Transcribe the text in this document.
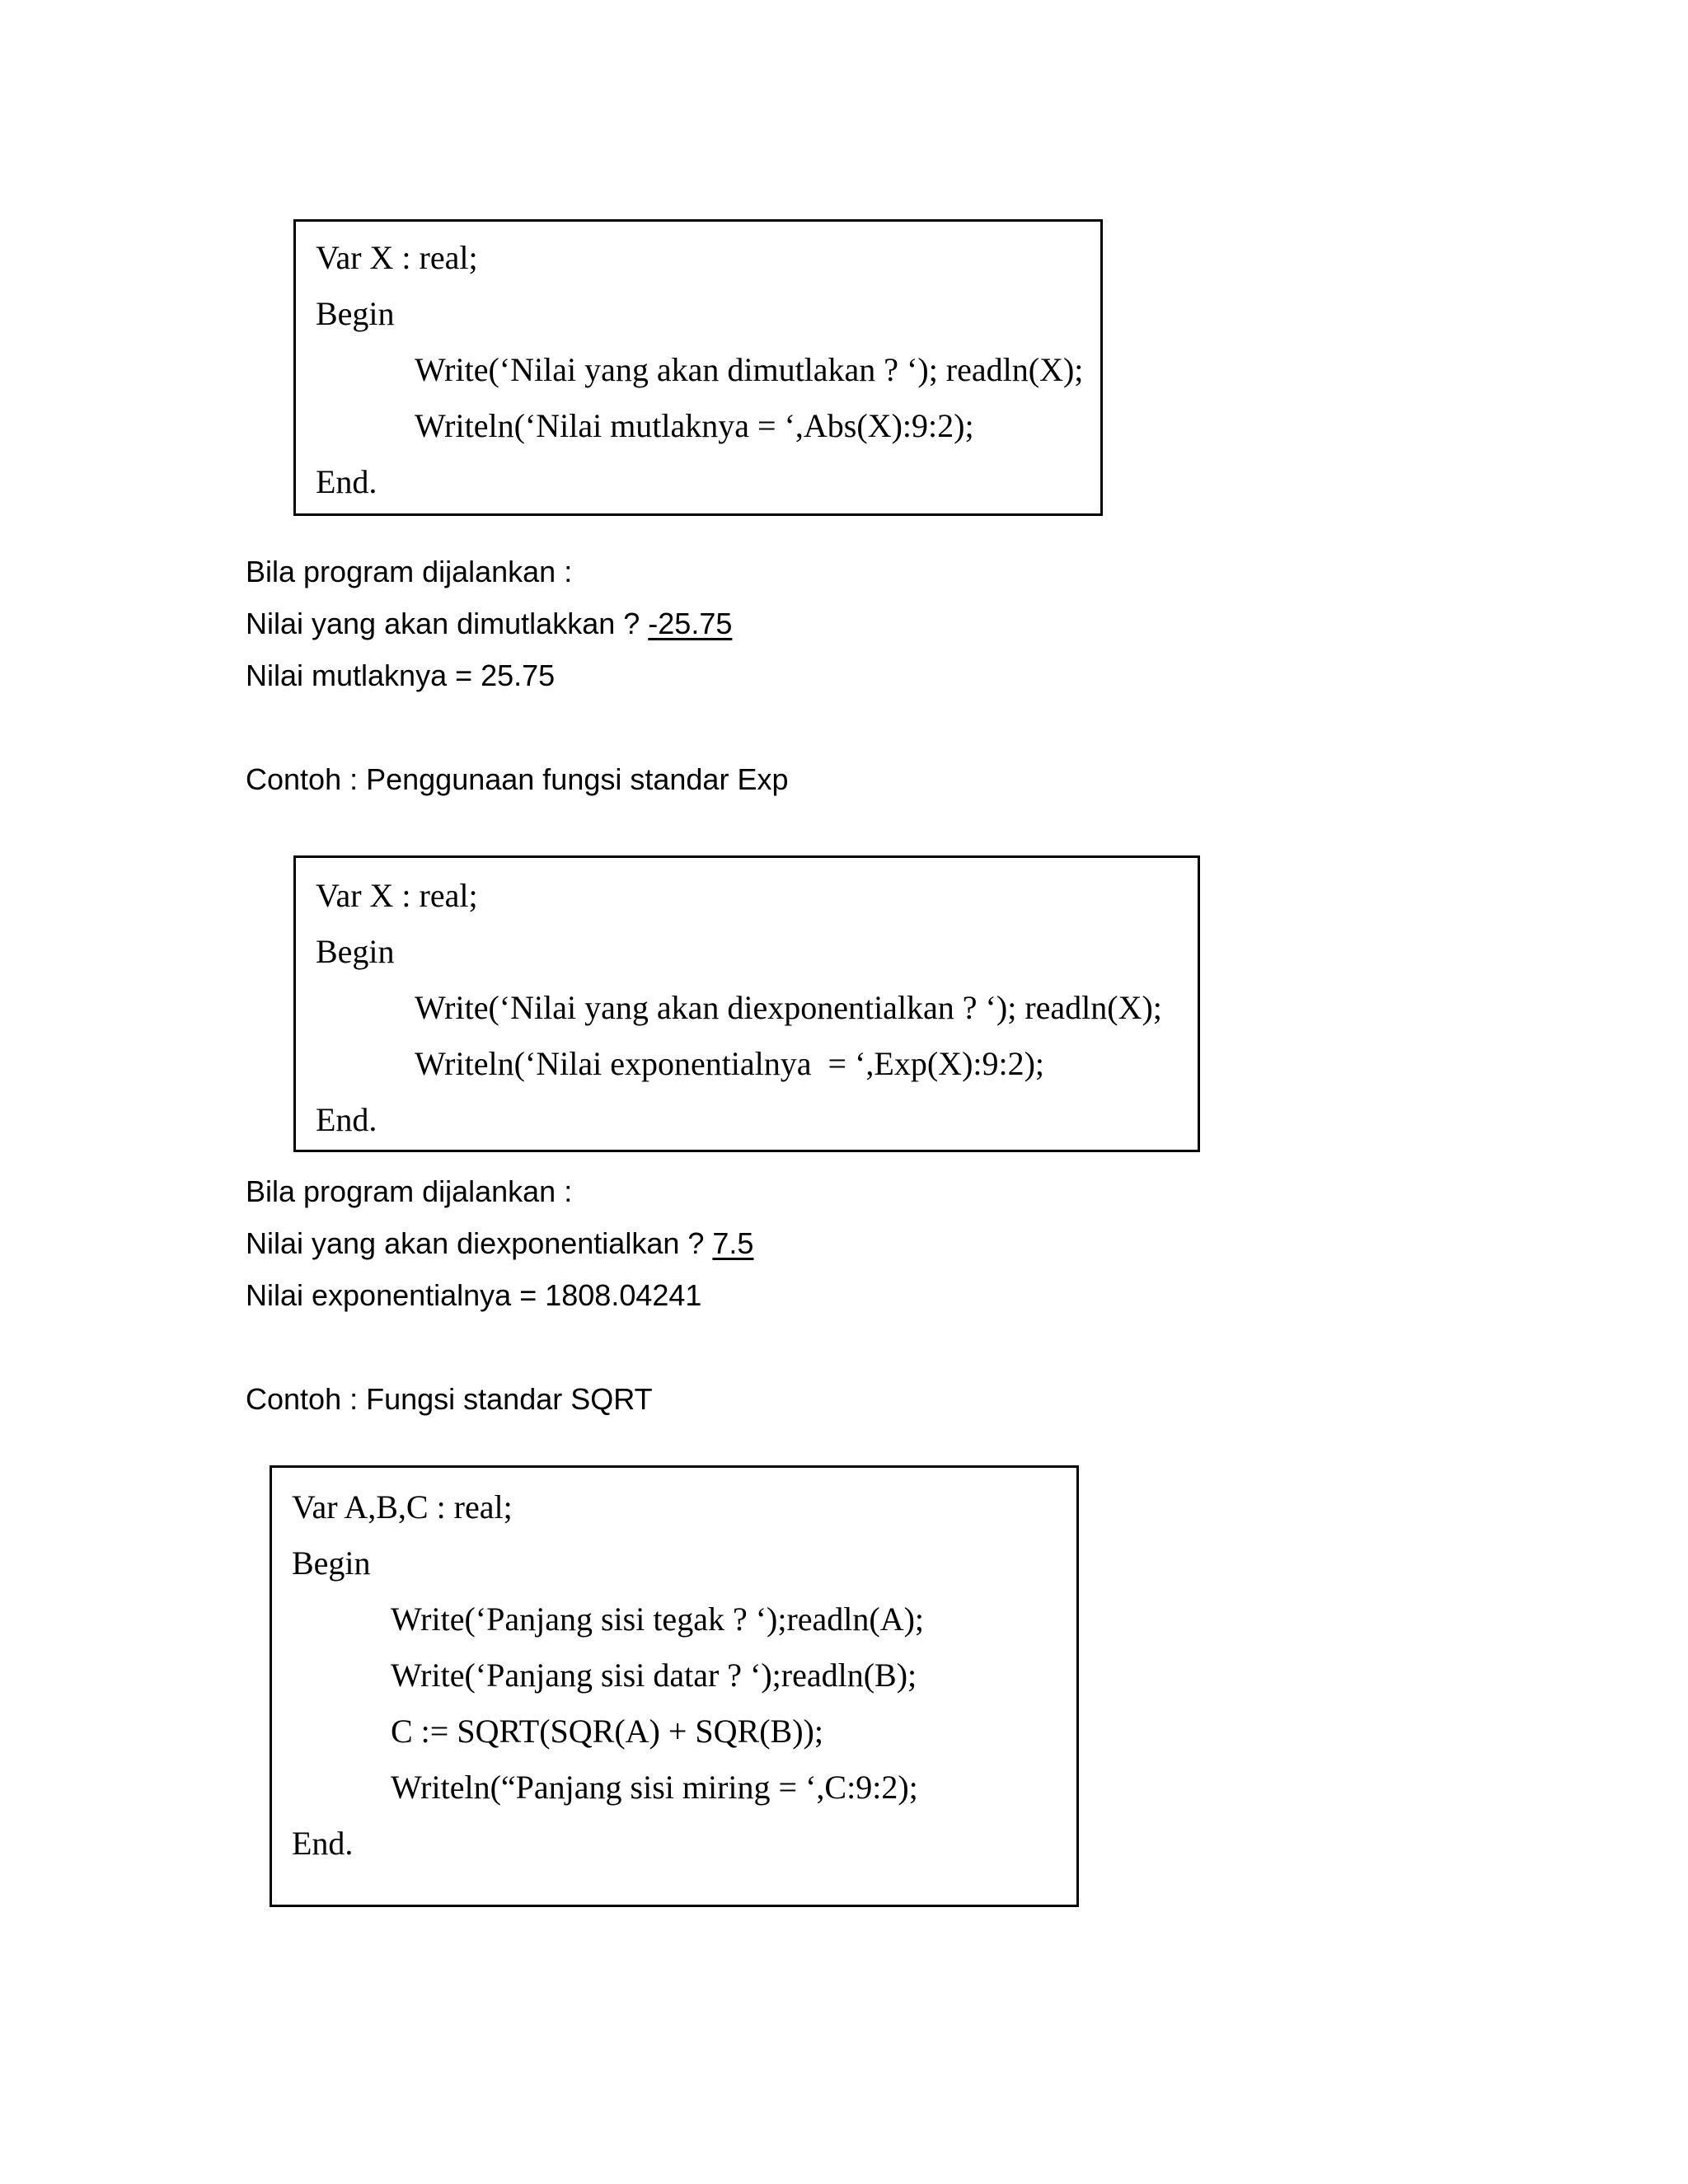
Var X : real;
Begin
Write(‘Nilai yang akan dimutlakan ? ‘); readln(X);
Writeln(‘Nilai mutlaknya = ‘,Abs(X):9:2);
End.
Bila program dijalankan :
Nilai yang akan dimutlakkan ? -25.75
Nilai mutlaknya = 25.75
Contoh : Penggunaan fungsi standar Exp
Var X : real;
Begin
Write(‘Nilai yang akan diexponentialkan ? ‘); readln(X);
Writeln(‘Nilai exponentialnya  = ‘,Exp(X):9:2);
End.
Bila program dijalankan :
Nilai yang akan diexponentialkan ? 7.5
Nilai exponentialnya = 1808.04241
Contoh : Fungsi standar SQRT
Var A,B,C : real;
Begin
Write(‘Panjang sisi tegak ? ‘);readln(A);
Write(‘Panjang sisi datar ? ‘);readln(B);
C := SQRT(SQR(A) + SQR(B));
Writeln(“Panjang sisi miring = ‘,C:9:2);
End.
